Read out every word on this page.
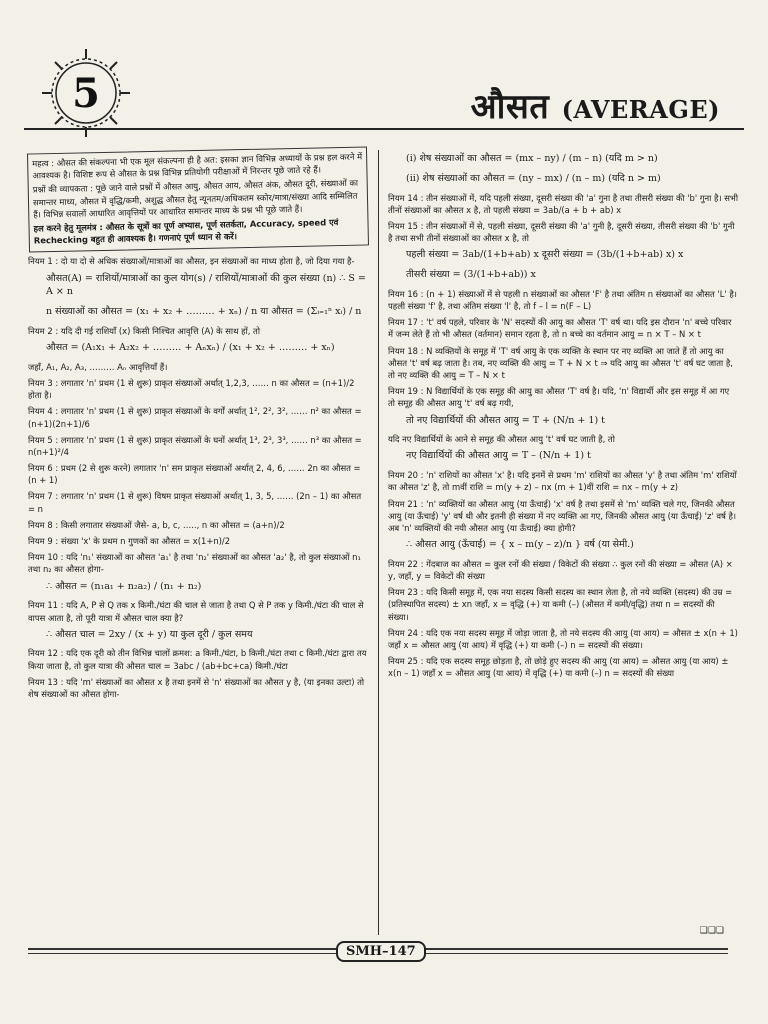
5	औसत (AVERAGE)

महत्व : औसत की संकल्पना भी एक मूल संकल्पना ही है अत: इसका ज्ञान विभिन्न अध्यायों के प्रश्न हल करने में आवश्यक है। विशिष्ट रूप से औसत के प्रश्न विभिन्न प्रतियोगी परीक्षाओं में निरन्तर पूछे जाते रहे हैं।

प्रश्नों की व्यापकता : पूछे जाने वाले प्रश्नों में औसत आयु, औसत आय, औसत अंक, औसत दूरी, संख्याओं का समान्तर माध्य, औसत में वृद्धि/कमी, अशुद्ध औसत हेतु न्यूनतम/अधिकतम स्कोर/मात्रा/संख्या आदि सम्मिलित हैं। विभिन्न सवालों आधारित आवृत्तियों पर आधारित समान्तर माध्य के प्रश्न भी पूछे जाते हैं।

हल करने हेतु मूलमंत्र : औसत के सूत्रों का पूर्ण अभ्यास, पूर्ण सतर्कता, Accuracy, speed एवं Rechecking बहुत ही आवश्यक है। गणनाएं पूर्ण ध्यान से करें।

नियम 1 : दो या दो से अधिक संख्याओं/मात्राओं का औसत, इन संख्याओं का माध्य होता है, जो दिया गया है-
औसत(A) = राशियों/मात्राओं का कुल योग(s) / राशियों/मात्राओं की कुल संख्या (n) ∴ S = A × n
n संख्याओं का औसत = (x₁ + x₂ + ……… + xₙ) / n या औसत = (Σᵢ₌₁ⁿ xᵢ) / n
नियम 2 : यदि दी गई राशियाँ (x) किसी निश्चित आवृत्ति (A) के साथ हों, तो
औसत = (A₁x₁ + A₂x₂ + ……… + Aₙxₙ) / (x₁ + x₂ + ……… + xₙ)
जहाँ, A₁, A₂, A₃, ……… Aₙ आवृत्तियाँ हैं।
नियम 3 : लगातार 'n' प्रथम (1 से शुरू) प्राकृत संख्याओं अर्थात् 1,2,3, …… n का औसत = (n+1)/2 होता है।
नियम 4 : लगातार 'n' प्रथम (1 से शुरू) प्राकृत संख्याओं के वर्गों अर्थात् 1², 2², 3², …… n² का औसत = (n+1)(2n+1)/6
नियम 5 : लगातार 'n' प्रथम (1 से शुरू) प्राकृत संख्याओं के घनों अर्थात् 1³, 2³, 3³, …… n³ का औसत = n(n+1)²/4
नियम 6 : प्रथम (2 से शुरू करने) लगातार 'n' सम प्राकृत संख्याओं अर्थात् 2, 4, 6, …… 2n का औसत = (n + 1)
नियम 7 : लगातार 'n' प्रथम (1 से शुरू) विषम प्राकृत संख्याओं अर्थात् 1, 3, 5, …… (2n – 1) का औसत = n
नियम 8 : किसी लगातार संख्याओं जैसे- a, b, c, ….., n का औसत = (a+n)/2
नियम 9 : संख्या 'x' के प्रथम n गुणकों का औसत = x(1+n)/2
नियम 10 : यदि 'n₁' संख्याओं का औसत 'a₁' है तथा 'n₂' संख्याओं का औसत 'a₂' है, तो कुल संख्याओं n₁ तथा n₂ का औसत होगा-
∴ औसत = (n₁a₁ + n₂a₂) / (n₁ + n₂)
नियम 11 : यदि A, P से Q तक x किमी./घंटा की चाल से जाता है तथा Q से P तक y किमी./घंटा की चाल से वापस आता है, तो पूरी यात्रा में औसत चाल क्या है?
∴ औसत चाल = 2xy / (x + y) या कुल दूरी / कुल समय
नियम 12 : यदि एक दूरी को तीन विभिन्न चालों क्रमश: a किमी./घंटा, b किमी./घंटा तथा c किमी./घंटा द्वारा तय किया जाता है, तो कुल यात्रा की औसत चाल = 3abc / (ab+bc+ca) किमी./घंटा
नियम 13 : यदि 'm' संख्याओं का औसत x है तथा इनमें से 'n' संख्याओं का औसत y है, (या इनका उल्टा) तो शेष संख्याओं का औसत होगा-
(i) शेष संख्याओं का औसत = (mx – ny) / (m – n) (यदि m > n)
(ii) शेष संख्याओं का औसत = (ny – mx) / (n – m) (यदि n > m)
नियम 14 : तीन संख्याओं में, यदि पहली संख्या, दूसरी संख्या की 'a' गुना है तथा तीसरी संख्या की 'b' गुना है। सभी तीनों संख्याओं का औसत x है, तो पहली संख्या = 3ab/(a + b + ab) x
नियम 15 : तीन संख्याओं में से, पहली संख्या, दूसरी संख्या की 'a' गुनी है, दूसरी संख्या, तीसरी संख्या की 'b' गुनी है तथा सभी तीनों संख्याओं का औसत x है, तो
पहली संख्या = 3ab/(1+b+ab) x दूसरी संख्या = (3b/(1+b+ab) x) x
तीसरी संख्या = (3/(1+b+ab)) x
नियम 16 : (n + 1) संख्याओं में से पहली n संख्याओं का औसत 'F' है तथा अंतिम n संख्याओं का औसत 'L' है। पहली संख्या 'f' है, तथा अंतिम संख्या 'l' है, तो f – l = n(F – L)
नियम 17 : 't' वर्ष पहले, परिवार के 'N' सदस्यों की आयु का औसत 'T' वर्ष था। यदि इस दौरान 'n' बच्चे परिवार में जन्म लेते हैं तो भी औसत (वर्तमान) समान रहता है, तो n बच्चे का वर्तमान आयु = n × T – N × t
नियम 18 : N व्यक्तियों के समूह में 'T' वर्ष आयु के एक व्यक्ति के स्थान पर नए व्यक्ति आ जाते हैं तो आयु का औसत 't' वर्ष बढ़ जाता है। तब, नए व्यक्ति की आयु = T + N × t ⇒ यदि आयु का औसत 't' वर्ष घट जाता है, तो नए व्यक्ति की आयु = T – N × t
नियम 19 : N विद्यार्थियों के एक समूह की आयु का औसत 'T' वर्ष है। यदि, 'n' विद्यार्थी और इस समूह में आ गए तो समूह की औसत आयु 't' वर्ष बढ़ गयी,
तो नए विद्यार्थियों की औसत आयु = T + (N/n + 1) t
यदि नए विद्यार्थियों के आने से समूह की औसत आयु 't' वर्ष घट जाती है, तो
नए विद्यार्थियों की औसत आयु = T – (N/n + 1) t
नियम 20 : 'n' राशियों का औसत 'x' है। यदि इनमें से प्रथम 'm' राशियों का औसत 'y' है तथा अंतिम 'm' राशियों का औसत 'z' है, तो mवीं राशि = m(y + z) – nx (m + 1)वीं राशि = nx – m(y + z)
नियम 21 : 'n' व्यक्तियों का औसत आयु (या ऊँचाई) 'x' वर्ष है तथा इसमें से 'm' व्यक्ति चले गए, जिनकी औसत आयु (या ऊँचाई) 'y' वर्ष थी और इतनी ही संख्या में नए व्यक्ति आ गए, जिनकी औसत आयु (या ऊँचाई) 'z' वर्ष है। अब 'n' व्यक्तियों की नयी औसत आयु (या ऊँचाई) क्या होगी?
∴ औसत आयु (ऊँचाई) = { x – m(y – z)/n } वर्ष (या सेमी.)
नियम 22 : गेंदबाज का औसत = कुल रनों की संख्या / विकेटों की संख्या ∴ कुल रनों की संख्या = औसत (A) × y, जहाँ, y = विकेटों की संख्या
नियम 23 : यदि किसी समूह में, एक नया सदस्य किसी सदस्य का स्थान लेता है, तो नये व्यक्ति (सदस्य) की उम्र = (प्रतिस्थापित सदस्य) ± xn जहाँ, x = वृद्धि (+) या कमी (–) (औसत में कमी/वृद्धि) तथा n = सदस्यों की संख्या।
नियम 24 : यदि एक नया सदस्य समूह में जोड़ा जाता है, तो नये सदस्य की आयु (या आय) = औसत ± x(n + 1) जहाँ x = औसत आयु (या आय) में वृद्धि (+) या कमी (–) n = सदस्यों की संख्या।
नियम 25 : यदि एक सदस्य समूह छोड़ता है, तो छोड़े हुए सदस्य की आयु (या आय) = औसत आयु (या आय) ± x(n – 1) जहाँ x = औसत आयु (या आय) में वृद्धि (+) या कमी (–) n = सदस्यों की संख्या
❑❑❑
SMH–147
